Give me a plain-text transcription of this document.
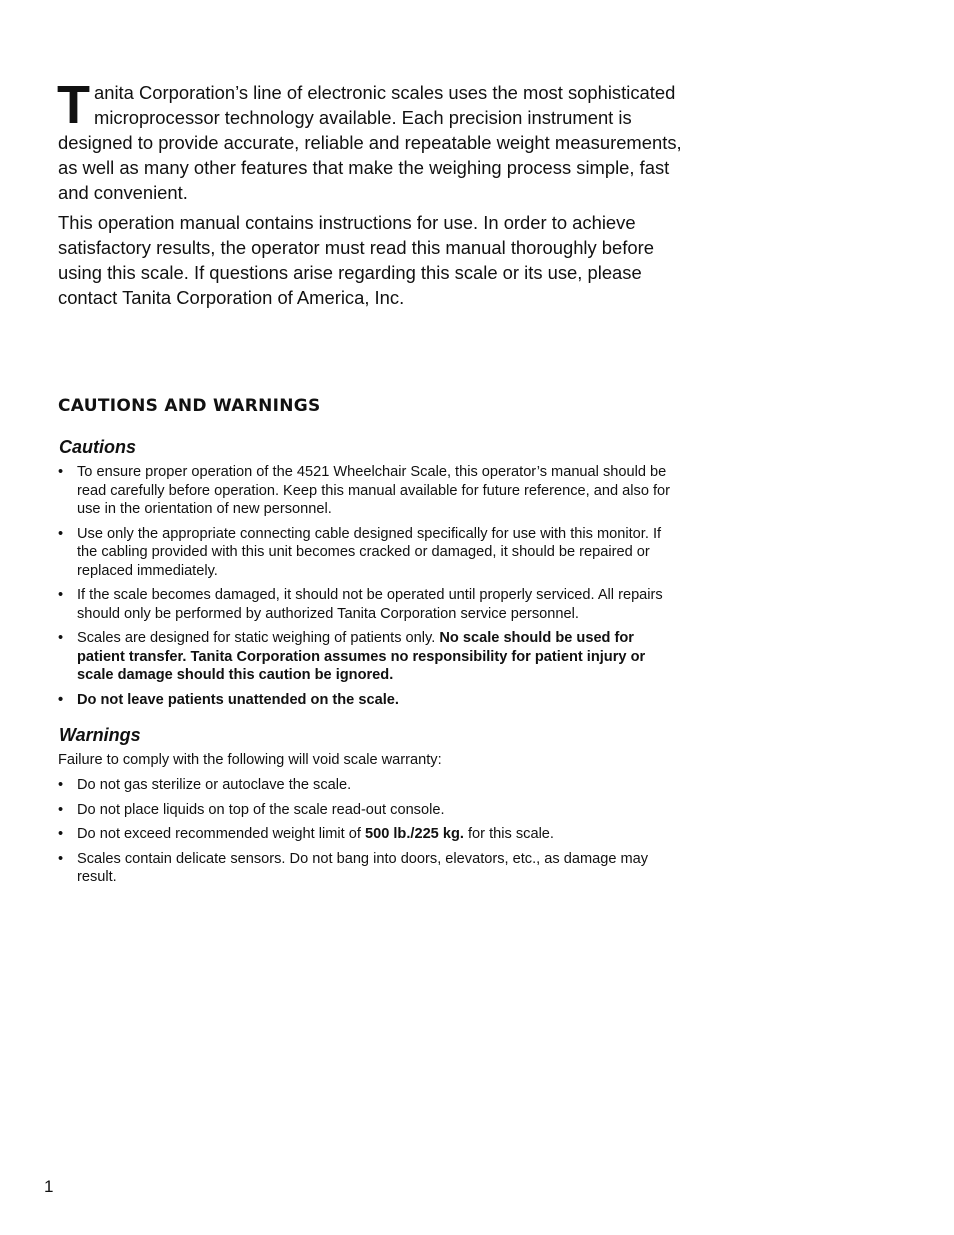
Tanita Corporation’s line of electronic scales uses the most sophisticated microprocessor technology available. Each precision instrument is designed to provide accurate, reliable and repeatable weight measurements, as well as many other features that make the weighing process simple, fast and convenient.

This operation manual contains instructions for use. In order to achieve satisfactory results, the operator must read this manual thoroughly before using this scale. If questions arise regarding this scale or its use, please contact Tanita Corporation of America, Inc.

CAUTIONS AND WARNINGS
Cautions
• To ensure proper operation of the 4521 Wheelchair Scale, this operator’s manual should be read carefully before operation. Keep this manual available for future reference, and also for use in the orientation of new personnel.
• Use only the appropriate connecting cable designed specifically for use with this monitor. If the cabling provided with this unit becomes cracked or damaged, it should be repaired or replaced immediately.
• If the scale becomes damaged, it should not be operated until properly serviced. All repairs should only be performed by authorized Tanita Corporation service personnel.
• Scales are designed for static weighing of patients only. No scale should be used for patient transfer. Tanita Corporation assumes no responsibility for patient injury or scale damage should this caution be ignored.
• Do not leave patients unattended on the scale.
Warnings

Failure to comply with the following will void scale warranty:

• Do not gas sterilize or autoclave the scale.
• Do not place liquids on top of the scale read-out console.
• Do not exceed recommended weight limit of 500 lb./225 kg. for this scale.
• Scales contain delicate sensors. Do not bang into doors, elevators, etc., as damage may result.
1
